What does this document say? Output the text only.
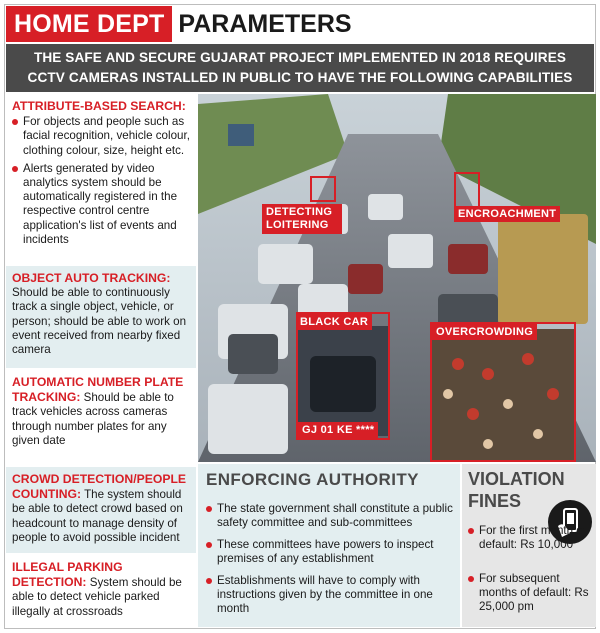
HOME DEPT PARAMETERS
THE SAFE AND SECURE GUJARAT PROJECT IMPLEMENTED IN 2018 REQUIRES
CCTV CAMERAS INSTALLED IN PUBLIC TO HAVE THE FOLLOWING CAPABILITIES
ATTRIBUTE-BASED SEARCH:
For objects and people such as facial recognition, vehicle colour, clothing colour, size, height etc.
Alerts generated by video analytics system should be automatically registered in the respective control centre application's list of events and incidents
OBJECT AUTO TRACKING: Should be able to continuously track a single object, vehicle, or person; should be able to work on event received from nearby fixed camera
AUTOMATIC NUMBER PLATE TRACKING: Should be able to track vehicles across cameras through number plates for any given date
CROWD DETECTION/PEOPLE COUNTING: The system should be able to detect crowd based on headcount to manage density of people to avoid possible incident
ILLEGAL PARKING DETECTION: System should be able to detect vehicle parked illegally at crossroads
DETECTING LOITERING
ENCROACHMENT
BLACK CAR
GJ 01 KE ****
OVERCROWDING
ENFORCING AUTHORITY
The state government shall constitute a public safety committee and sub-committees
These committees have powers to inspect premises of any establishment
Establishments will have to comply with instructions given by the committee in one month
VIOLATION
FINES
For the first month of default: Rs 10,000
For subsequent months of default: Rs 25,000 pm
